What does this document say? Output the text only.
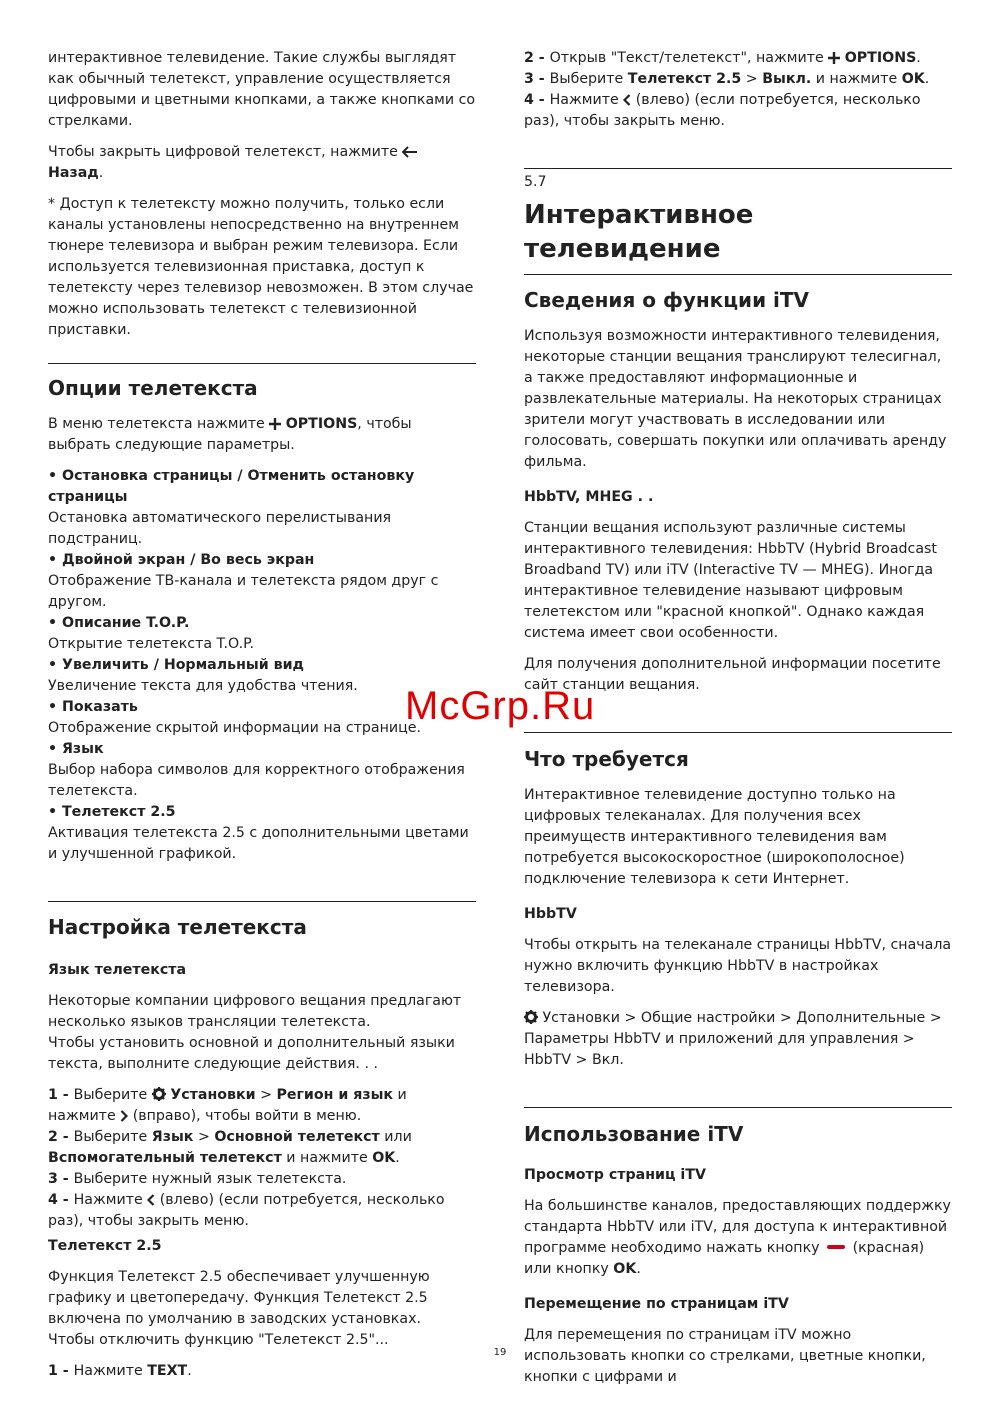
интерактивное телевидение. Такие службы выглядят как обычный телетекст, управление осуществляется цифровыми и цветными кнопками, а также кнопками со стрелками.

Чтобы закрыть цифровой телетекст, нажмите  Назад.

* Доступ к телетексту можно получить, только если каналы установлены непосредственно на внутреннем тюнере телевизора и выбран режим телевизора. Если используется телевизионная приставка, доступ к телетексту через телевизор невозможен. В этом случае можно использовать телетекст с телевизионной приставки.

Опции телетекста

В меню телетекста нажмите  OPTIONS, чтобы выбрать следующие параметры.

• Остановка страницы / Отменить остановку страницы
Остановка автоматического перелистывания подстраниц.
• Двойной экран / Во весь экран
Отображение ТВ-канала и телетекста рядом друг с другом.
• Описание T.O.P.
Открытие телетекста T.O.P.
• Увеличить / Нормальный вид
Увеличение текста для удобства чтения.
• Показать
Отображение скрытой информации на странице.
• Язык
Выбор набора символов для корректного отображения телетекста.
• Телетекст 2.5
Активация телетекста 2.5 с дополнительными цветами и улучшенной графикой.
Настройка телетекста
Язык телетекста

Некоторые компании цифрового вещания предлагают несколько языков трансляции телетекста.

Чтобы установить основной и дополнительный языки текста, выполните следующие действия. . .

1 - Выберите  Установки > Регион и язык и нажмите  (вправо), чтобы войти в меню.
2 - Выберите Язык > Основной телетекст или Вспомогательный телетекст и нажмите OK.
3 - Выберите нужный язык телетекста.
4 - Нажмите  (влево) (если потребуется, несколько раз), чтобы закрыть меню.
Телетекст 2.5

Функция Телетекст 2.5 обеспечивает улучшенную графику и цветопередачу. Функция Телетекст 2.5 включена по умолчанию в заводских установках.

Чтобы отключить функцию "Телетекст 2.5"...

1 - Нажмите TEXT.
2 - Открыв "Текст/телетекст", нажмите  OPTIONS.
3 - Выберите Телетекст 2.5 > Выкл. и нажмите OK.
4 - Нажмите  (влево) (если потребуется, несколько раз), чтобы закрыть меню.
5.7
Интерактивное телевидение
Сведения о функции iTV

Используя возможности интерактивного телевидения, некоторые станции вещания транслируют телесигнал, а также предоставляют информационные и развлекательные материалы. На некоторых страницах зрители могут участвовать в исследовании или голосовать, совершать покупки или оплачивать аренду фильма.

HbbTV, MHEG . .

Станции вещания используют различные системы интерактивного телевидения: HbbTV (Hybrid Broadcast Broadband TV) или iTV (Interactive TV — MHEG). Иногда интерактивное телевидение называют цифровым телетекстом или "красной кнопкой". Однако каждая система имеет свои особенности.

Для получения дополнительной информации посетите сайт станции вещания.

Что требуется

Интерактивное телевидение доступно только на цифровых телеканалах. Для получения всех преимуществ интерактивного телевидения вам потребуется высокоскоростное (широкополосное) подключение телевизора к сети Интернет.

HbbTV

Чтобы открыть на телеканале страницы HbbTV, сначала нужно включить функцию HbbTV в настройках телевизора.

Установки > Общие настройки > Дополнительные > Параметры HbbTV и приложений для управления > HbbTV > Вкл.

Использование iTV
Просмотр страниц iTV

На большинстве каналов, предоставляющих поддержку стандарта HbbTV или iTV, для доступа к интерактивной программе необходимо нажать кнопку  (красная) или кнопку OK.

Перемещение по страницам iTV

Для перемещения по страницам iTV можно использовать кнопки со стрелками, цветные кнопки, кнопки с цифрами и

McGrp.Ru
19
